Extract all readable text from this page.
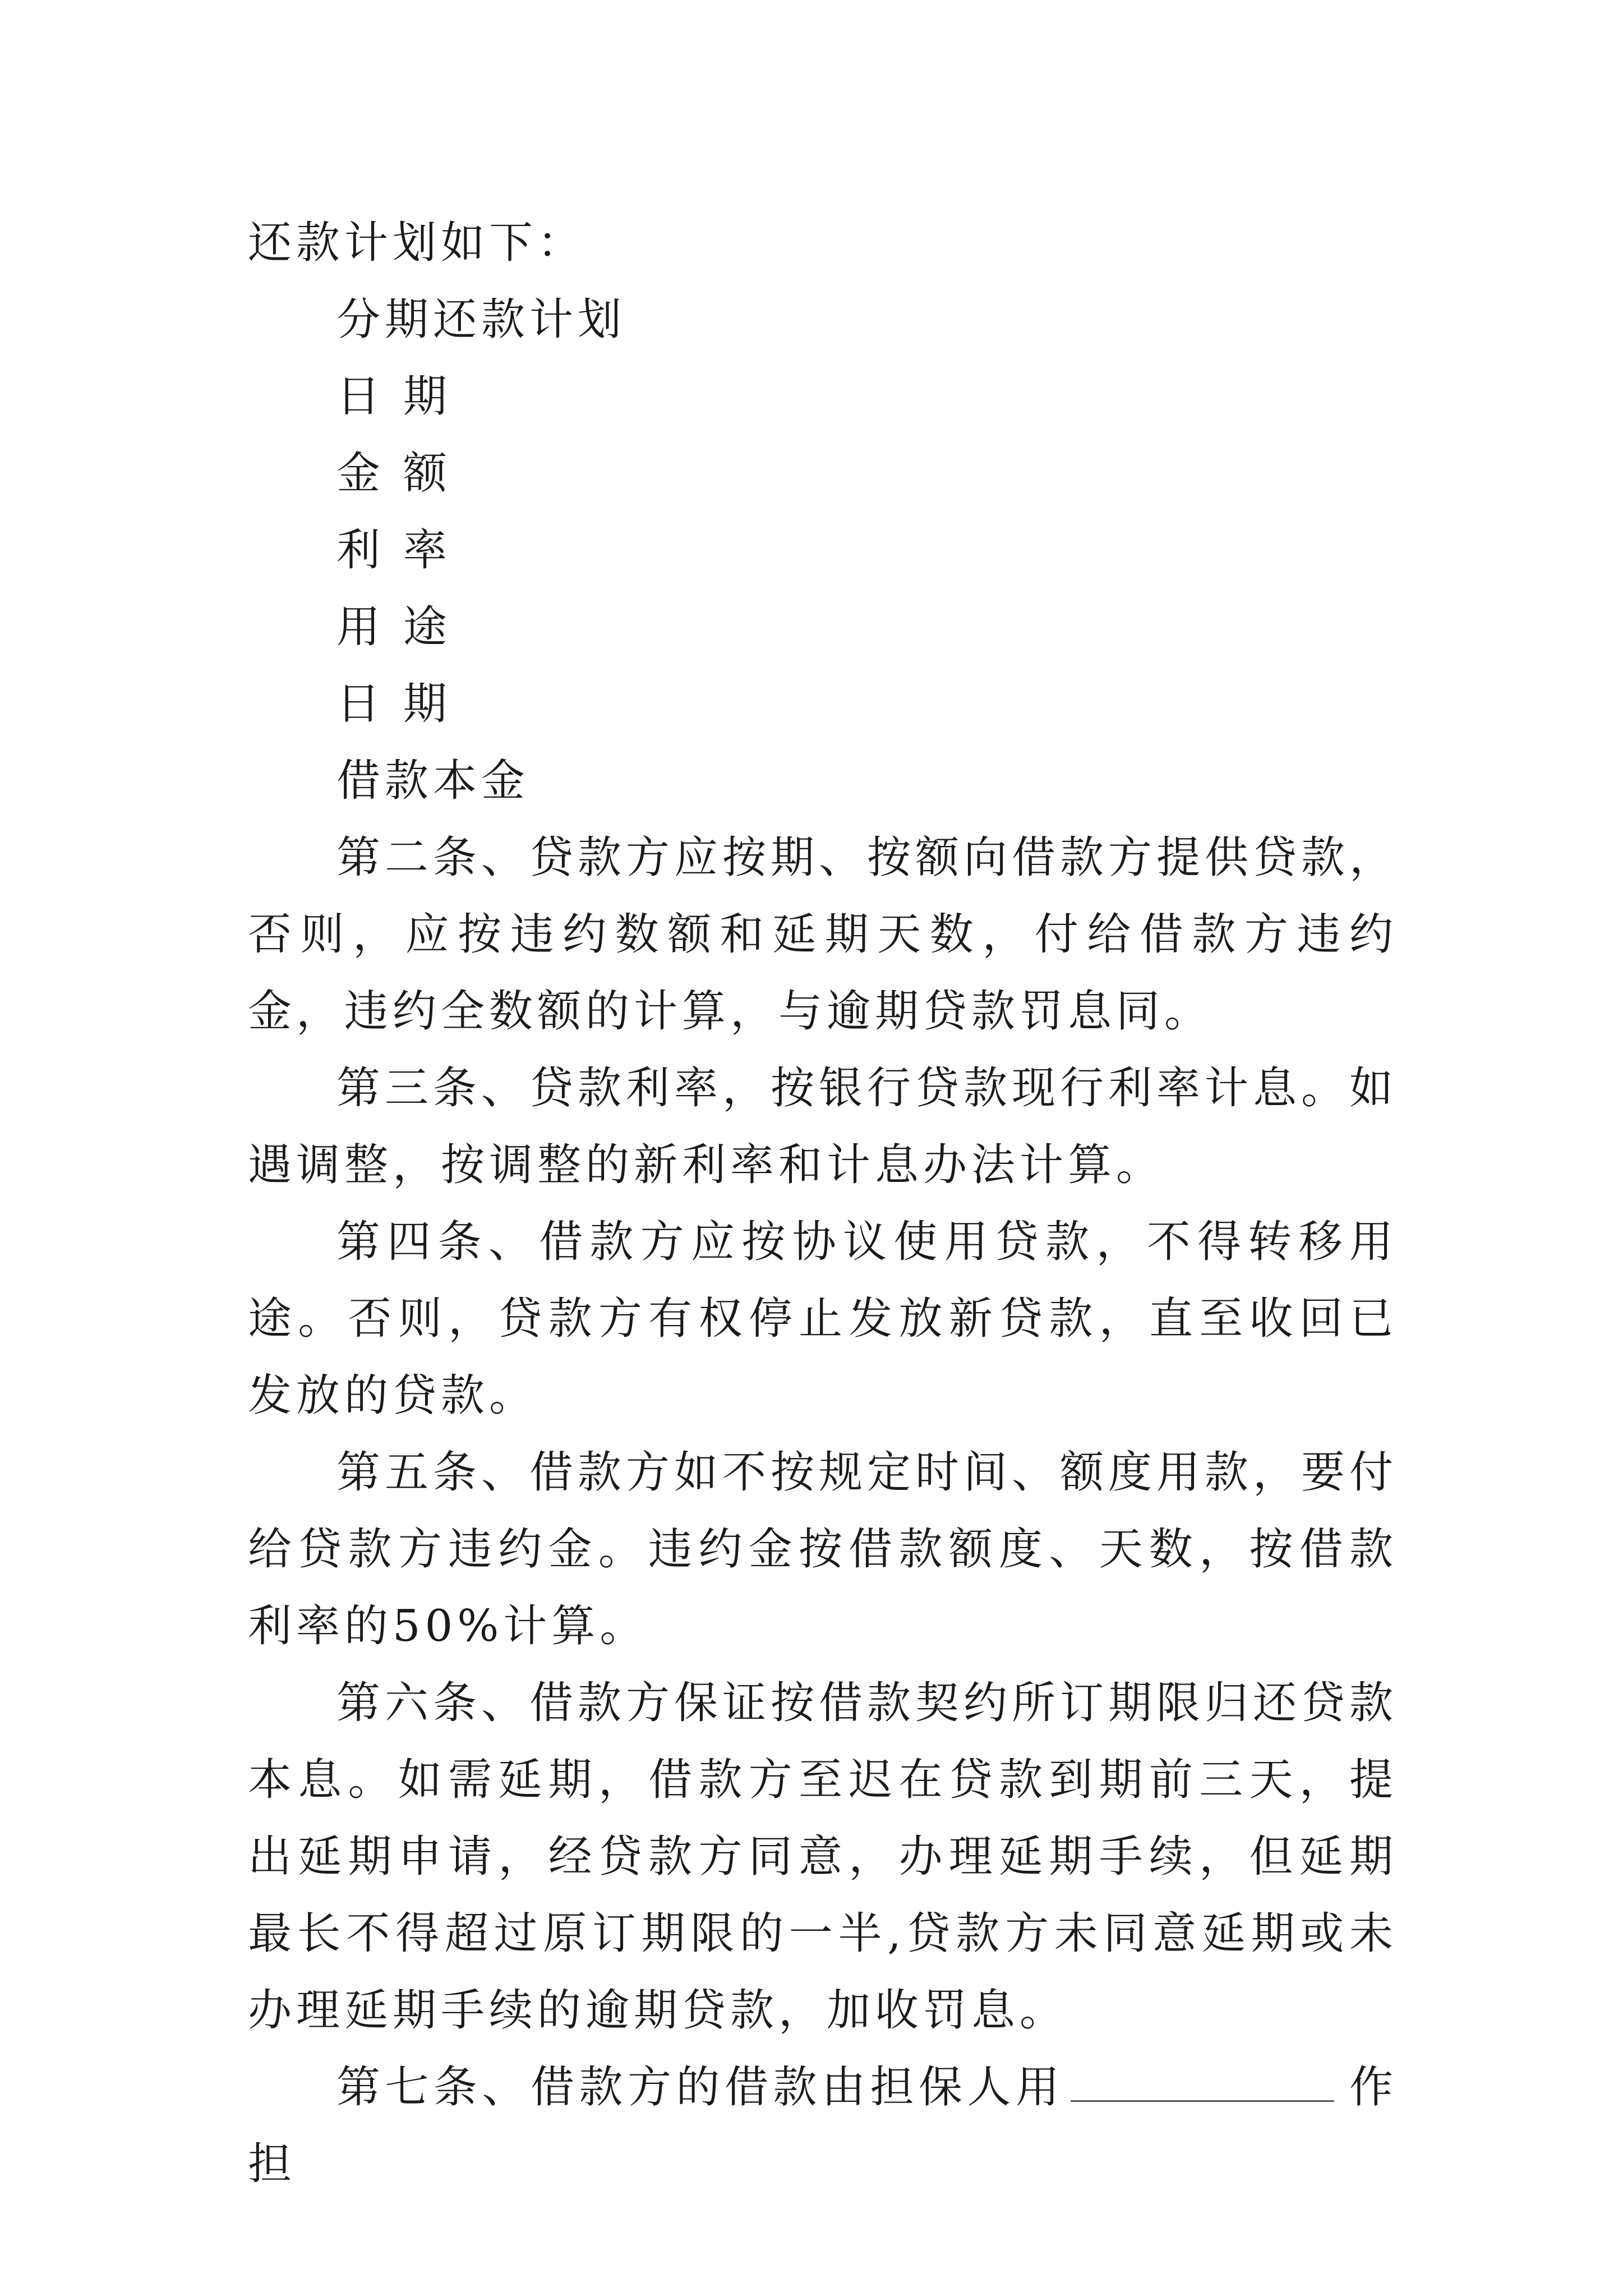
还款计划如下：

分期还款计划

日 期

金 额

利 率

用 途

日 期

借款本金

第二条、贷款方应按期、按额向借款方提供贷款，否则，应按违约数额和延期天数，付给借款方违约金，违约全数额的计算，与逾期贷款罚息同。

第三条、贷款利率，按银行贷款现行利率计息。如遇调整，按调整的新利率和计息办法计算。

第四条、借款方应按协议使用贷款，不得转移用途。否则，贷款方有权停止发放新贷款，直至收回已发放的贷款。

第五条、借款方如不按规定时间、额度用款，要付给贷款方违约金。违约金按借款额度、天数，按借款利率的50%计算。

第六条、借款方保证按借款契约所订期限归还贷款本息。如需延期，借款方至迟在贷款到期前三天，提出延期申请，经贷款方同意，办理延期手续，但延期最长不得超过原订期限的一半,贷款方未同意延期或未办理延期手续的逾期贷款，加收罚息。

第七条、借款方的借款由担保人用	作担
